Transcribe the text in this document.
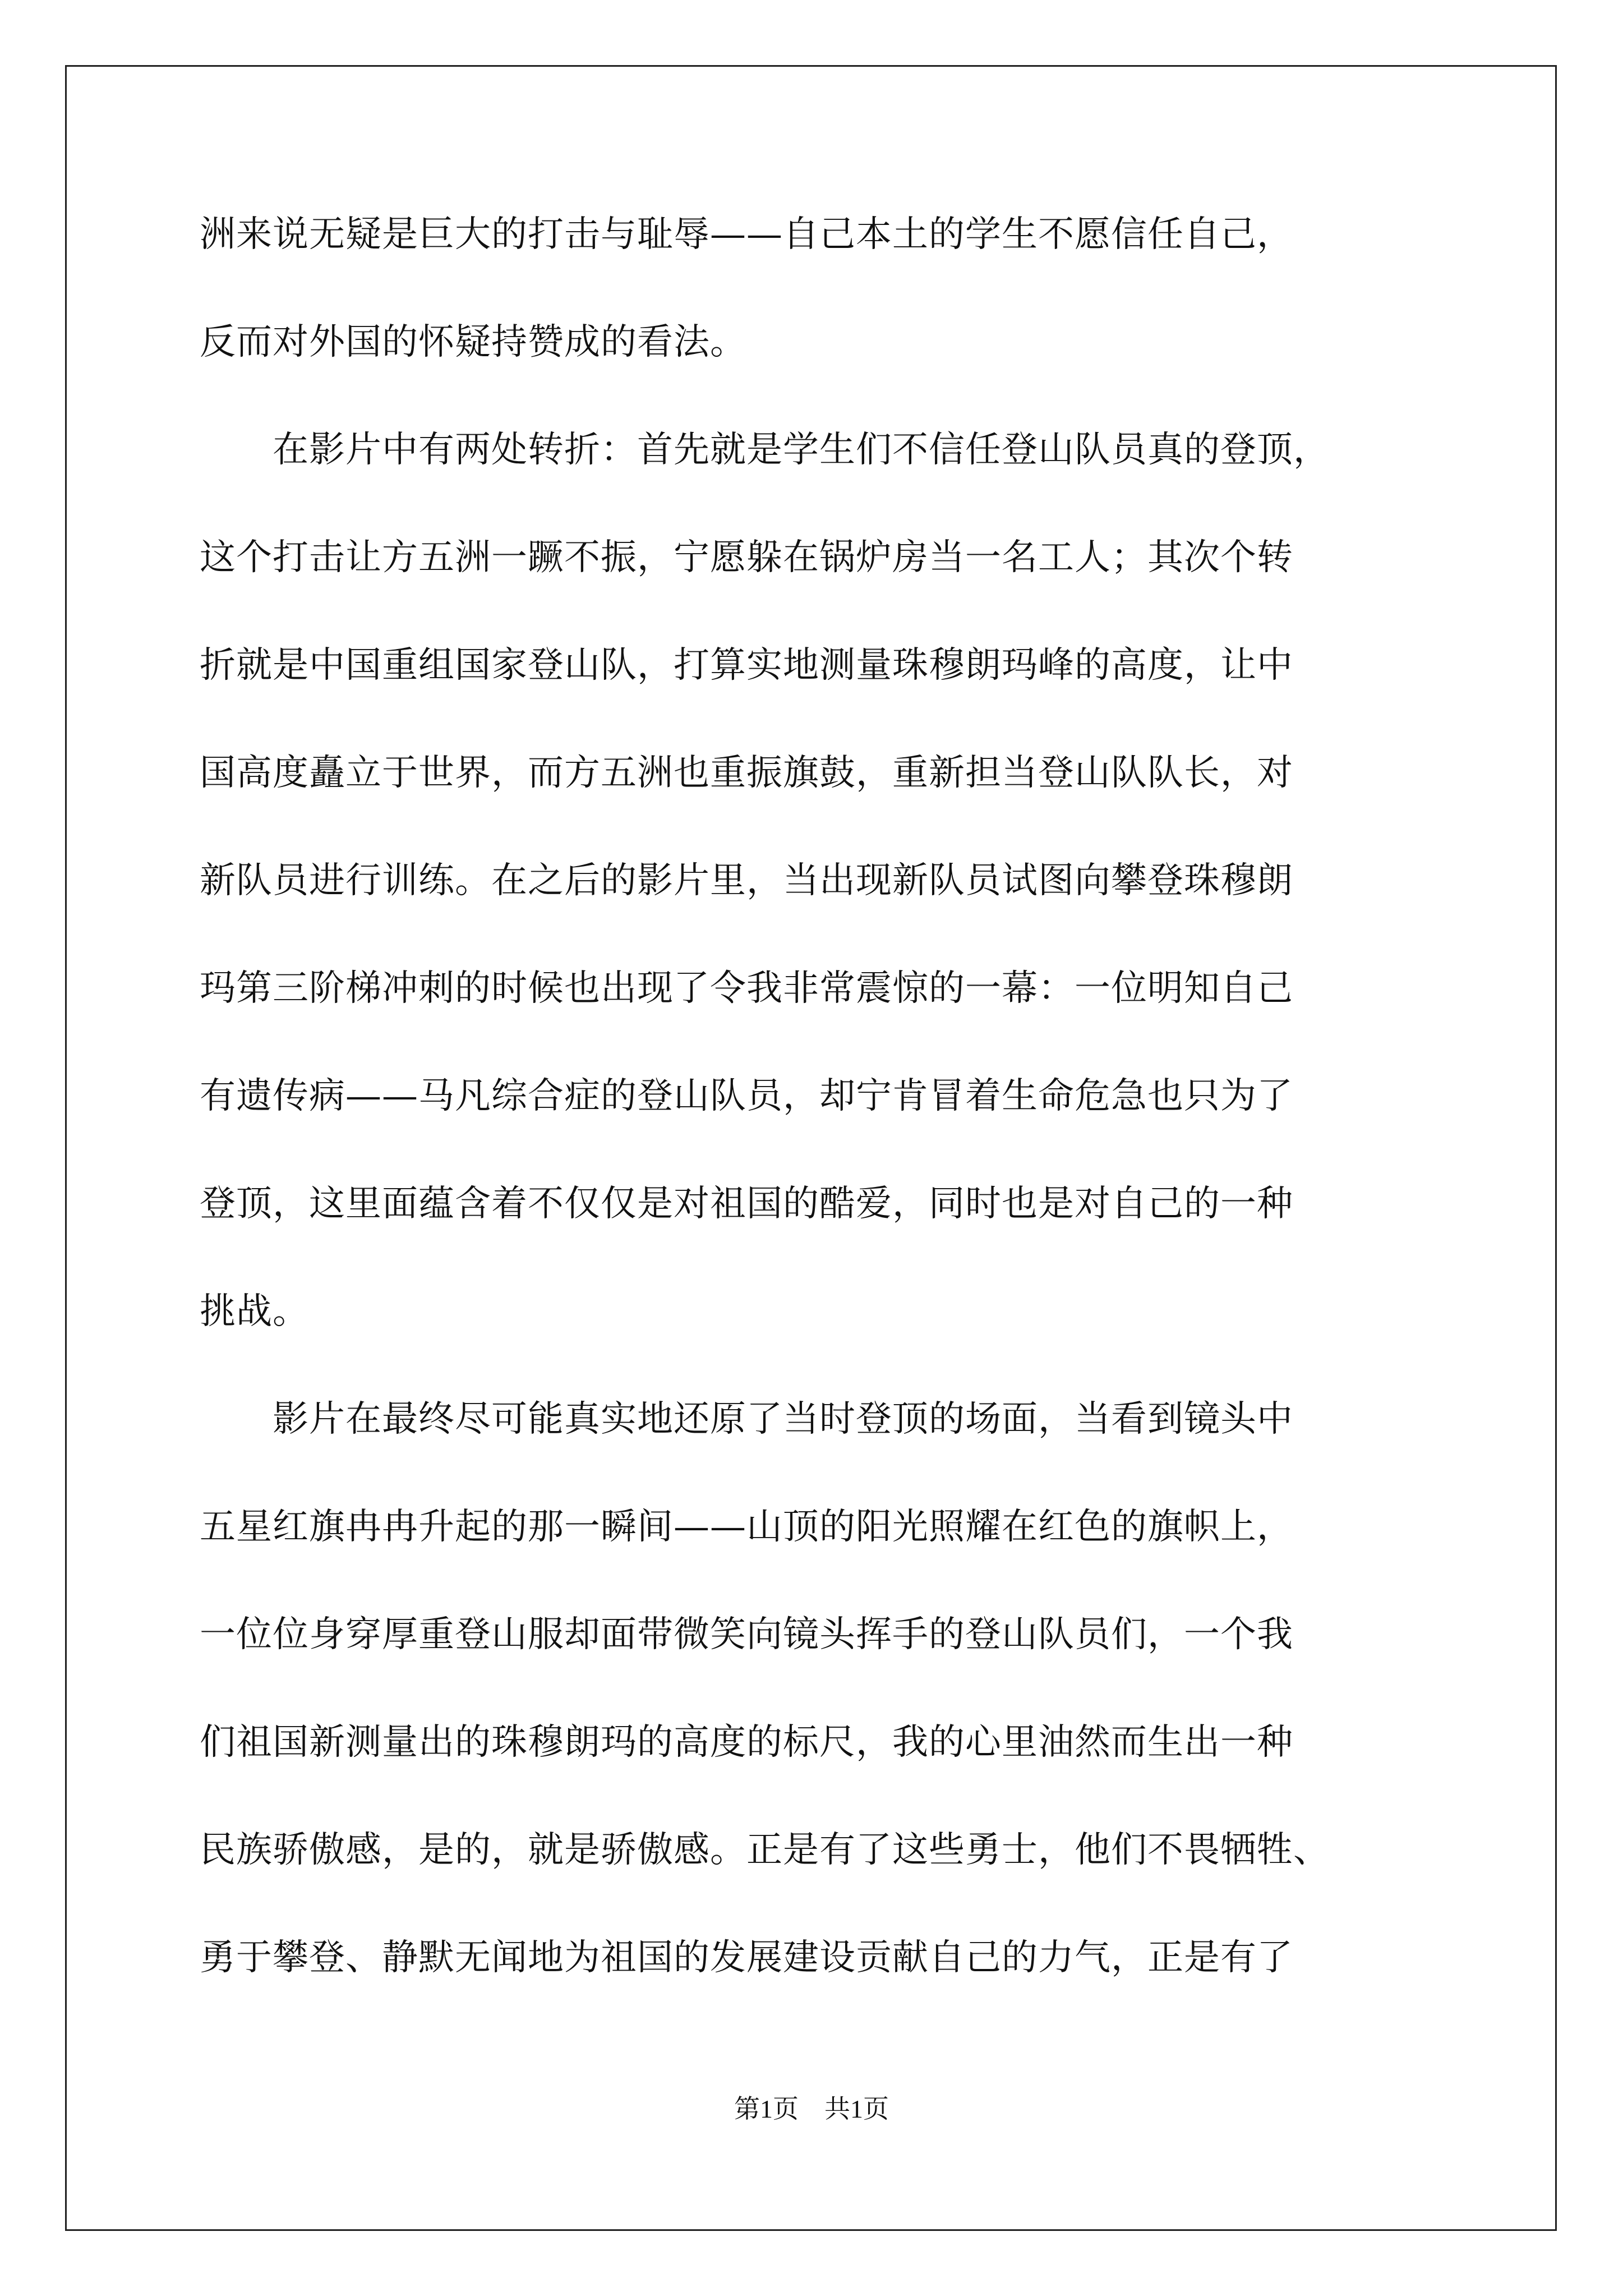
洲来说无疑是巨大的打击与耻辱——自己本土的学生不愿信任自己，
反而对外国的怀疑持赞成的看法。
　　在影片中有两处转折：首先就是学生们不信任登山队员真的登顶，
这个打击让方五洲一蹶不振，宁愿躲在锅炉房当一名工人；其次个转
折就是中国重组国家登山队，打算实地测量珠穆朗玛峰的高度，让中
国高度矗立于世界，而方五洲也重振旗鼓，重新担当登山队队长，对
新队员进行训练。在之后的影片里，当出现新队员试图向攀登珠穆朗
玛第三阶梯冲刺的时候也出现了令我非常震惊的一幕：一位明知自己
有遗传病——马凡综合症的登山队员，却宁肯冒着生命危急也只为了
登顶，这里面蕴含着不仅仅是对祖国的酷爱，同时也是对自己的一种
挑战。
　　影片在最终尽可能真实地还原了当时登顶的场面，当看到镜头中
五星红旗冉冉升起的那一瞬间——山顶的阳光照耀在红色的旗帜上，
一位位身穿厚重登山服却面带微笑向镜头挥手的登山队员们，一个我
们祖国新测量出的珠穆朗玛的高度的标尺，我的心里油然而生出一种
民族骄傲感，是的，就是骄傲感。正是有了这些勇士，他们不畏牺牲、
勇于攀登、静默无闻地为祖国的发展建设贡献自己的力气，正是有了
第1页　共1页
